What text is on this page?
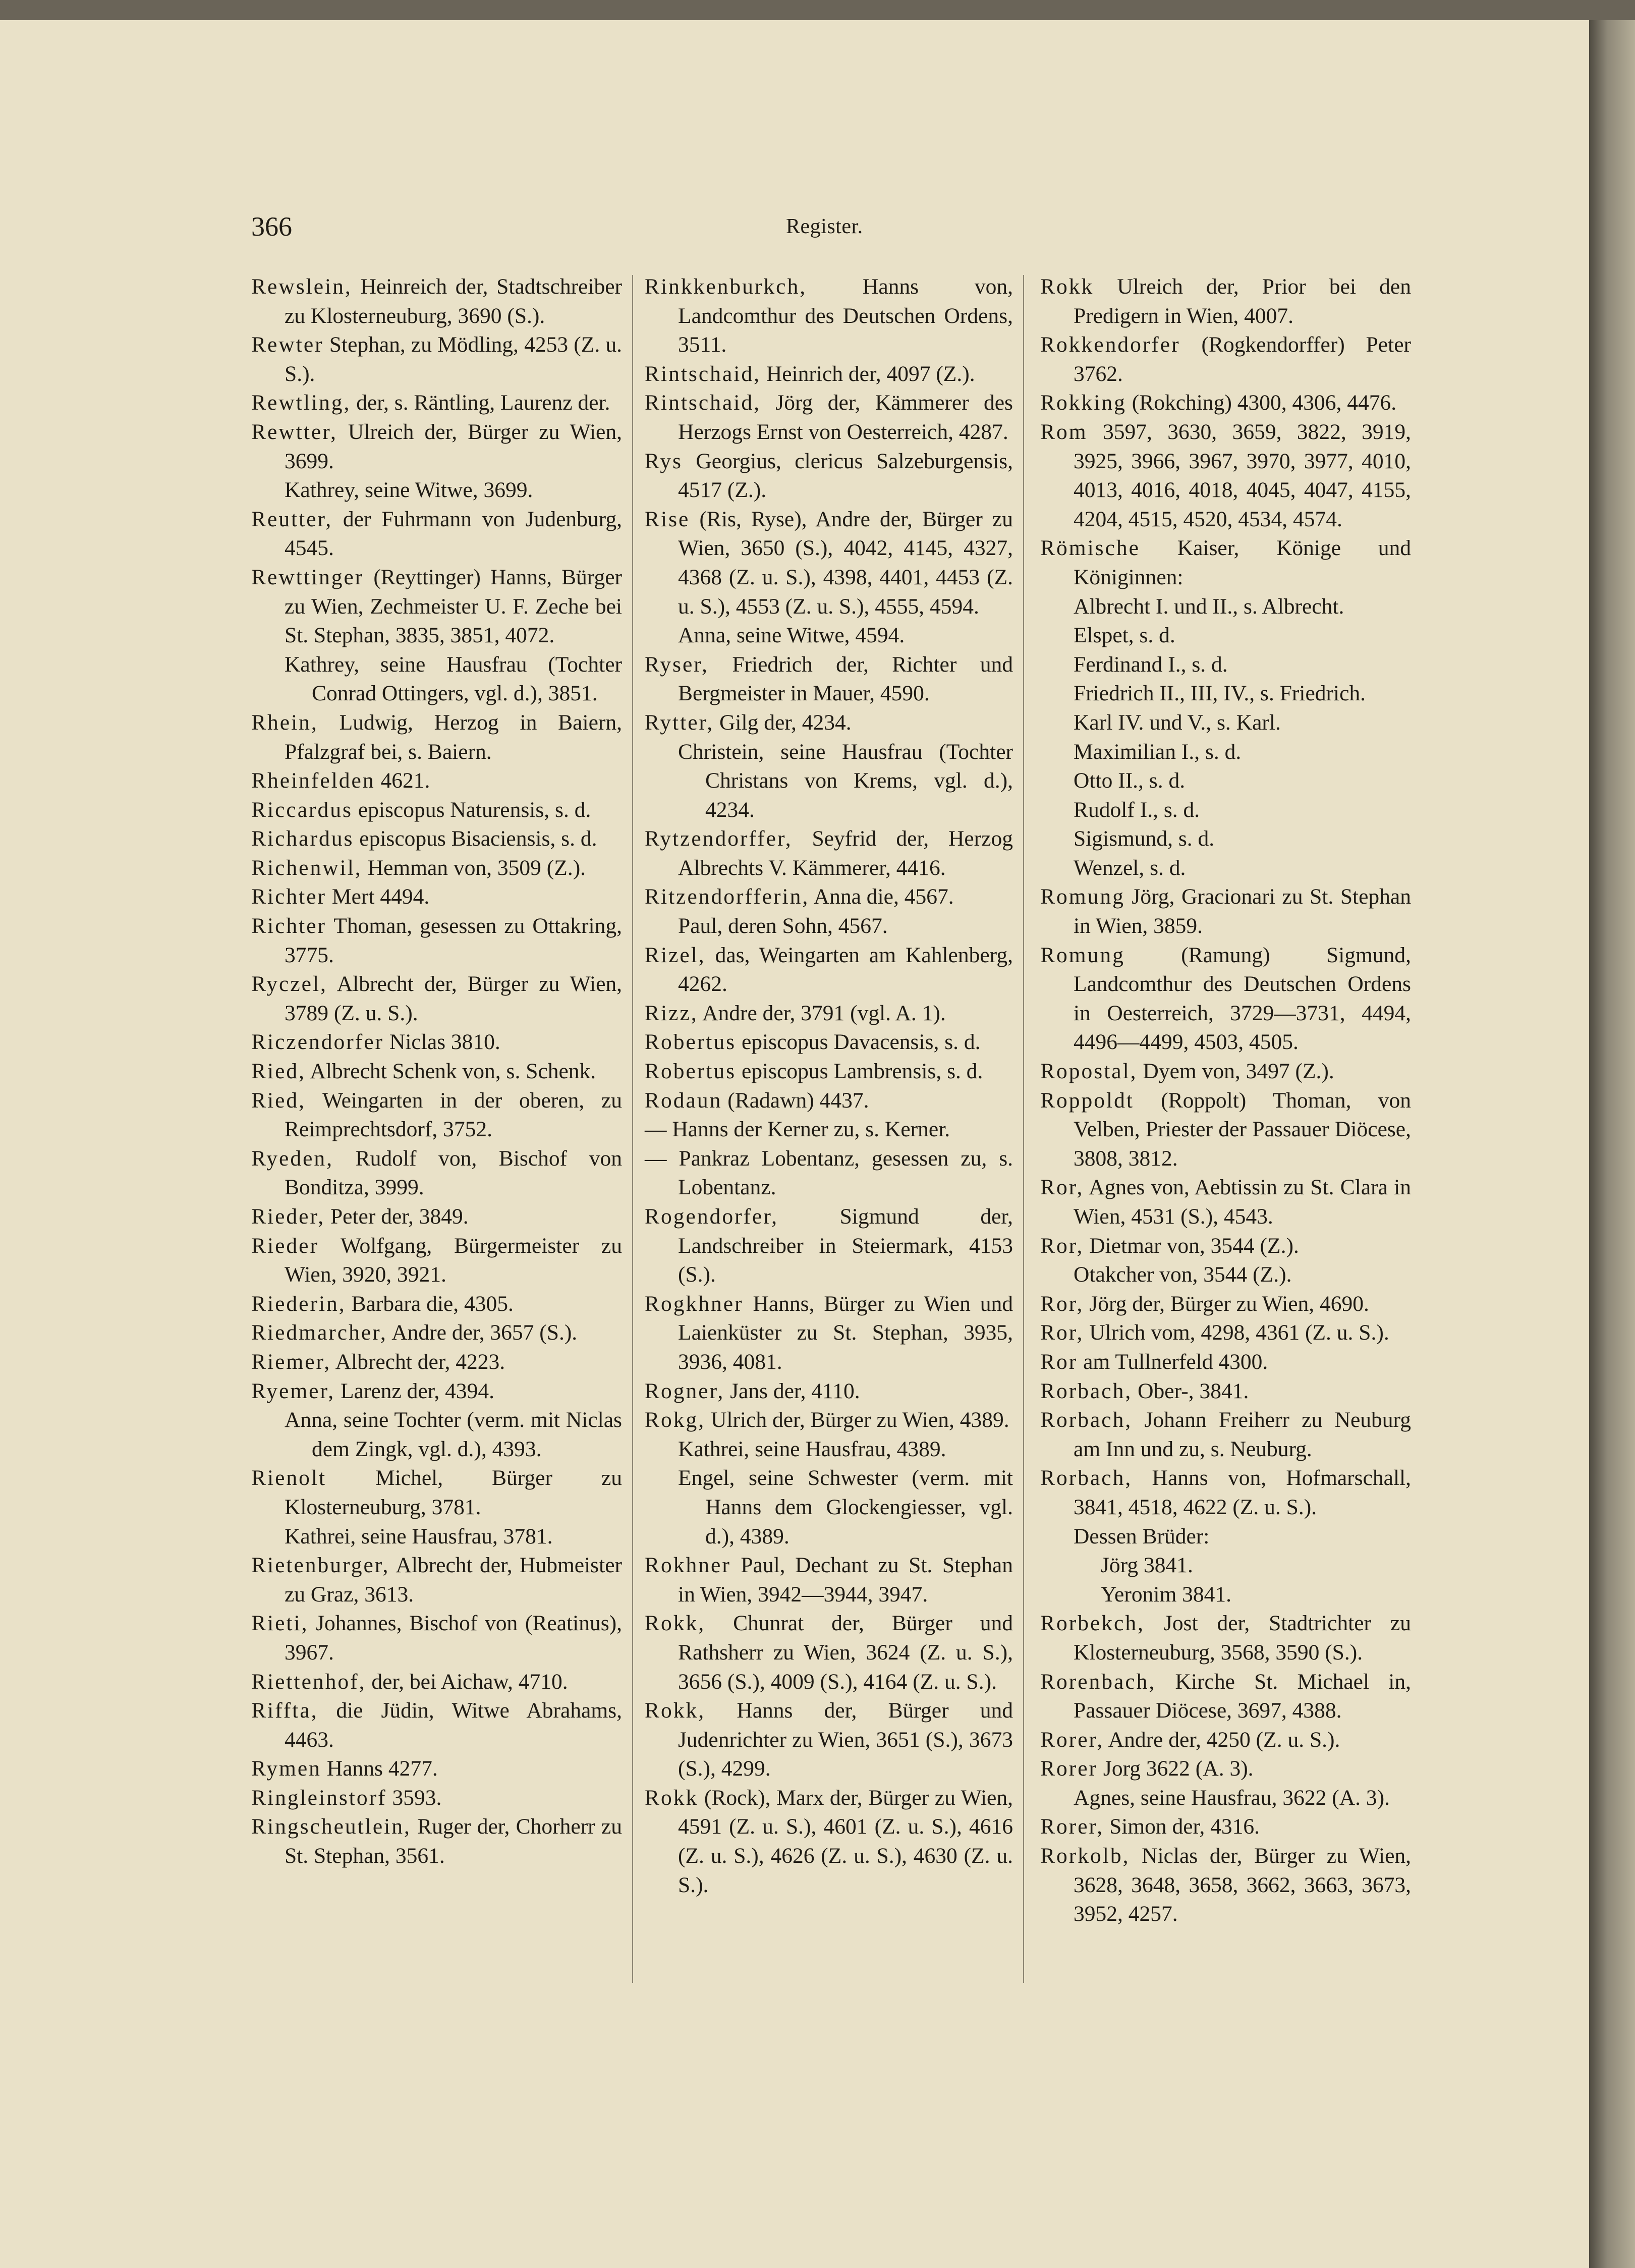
366	Register.
Rewslein, Heinreich der, Stadtschreiber zu Klosterneuburg, 3690 (S.).
Rewter Stephan, zu Mödling, 4253 (Z. u. S.).
Rewtling, der, s. Räntling, Laurenz der.
Rewtter, Ulreich der, Bürger zu Wien, 3699.
Kathrey, seine Witwe, 3699.
Reutter, der Fuhrmann von Judenburg, 4545.
Rewttinger (Reyttinger) Hanns, Bürger zu Wien, Zechmeister U. F. Zeche bei St. Stephan, 3835, 3851, 4072.
Kathrey, seine Hausfrau (Tochter Conrad Ottingers, vgl. d.), 3851.
Rhein, Ludwig, Herzog in Baiern, Pfalzgraf bei, s. Baiern.
Rheinfelden 4621.
Riccardus episcopus Naturensis, s. d.
Richardus episcopus Bisaciensis, s. d.
Richenwil, Hemman von, 3509 (Z.).
Richter Mert 4494.
Richter Thoman, gesessen zu Ottakring, 3775.
Ryczel, Albrecht der, Bürger zu Wien, 3789 (Z. u. S.).
Riczendorfer Niclas 3810.
Ried, Albrecht Schenk von, s. Schenk.
Ried, Weingarten in der oberen, zu Reimprechtsdorf, 3752.
Ryeden, Rudolf von, Bischof von Bonditza, 3999.
Rieder, Peter der, 3849.
Rieder Wolfgang, Bürgermeister zu Wien, 3920, 3921.
Riederin, Barbara die, 4305.
Riedmarcher, Andre der, 3657 (S.).
Riemer, Albrecht der, 4223.
Ryemer, Larenz der, 4394.
Anna, seine Tochter (verm. mit Niclas dem Zingk, vgl. d.), 4393.
Rienolt Michel, Bürger zu Klosterneuburg, 3781.
Kathrei, seine Hausfrau, 3781.
Rietenburger, Albrecht der, Hubmeister zu Graz, 3613.
Rieti, Johannes, Bischof von (Reatinus), 3967.
Riettenhof, der, bei Aichaw, 4710.
Riffta, die Jüdin, Witwe Abrahams, 4463.
Rymen Hanns 4277.
Ringleinstorf 3593.
Ringscheutlein, Ruger der, Chorherr zu St. Stephan, 3561.
Rinkkenburkch, Hanns von, Landcomthur des Deutschen Ordens, 3511.
Rintschaid, Heinrich der, 4097 (Z.).
Rintschaid, Jörg der, Kämmerer des Herzogs Ernst von Oesterreich, 4287.
Rys Georgius, clericus Salzeburgensis, 4517 (Z.).
Rise (Ris, Ryse), Andre der, Bürger zu Wien, 3650 (S.), 4042, 4145, 4327, 4368 (Z. u. S.), 4398, 4401, 4453 (Z. u. S.), 4553 (Z. u. S.), 4555, 4594.
Anna, seine Witwe, 4594.
Ryser, Friedrich der, Richter und Bergmeister in Mauer, 4590.
Rytter, Gilg der, 4234.
Christein, seine Hausfrau (Tochter Christans von Krems, vgl. d.), 4234.
Rytzendorffer, Seyfrid der, Herzog Albrechts V. Kämmerer, 4416.
Ritzendorfferin, Anna die, 4567.
Paul, deren Sohn, 4567.
Rizel, das, Weingarten am Kahlenberg, 4262.
Rizz, Andre der, 3791 (vgl. A. 1).
Robertus episcopus Davacensis, s. d.
Robertus episcopus Lambrensis, s. d.
Rodaun (Radawn) 4437.
— Hanns der Kerner zu, s. Kerner.
— Pankraz Lobentanz, gesessen zu, s. Lobentanz.
Rogendorfer, Sigmund der, Landschreiber in Steiermark, 4153 (S.).
Rogkhner Hanns, Bürger zu Wien und Laienküster zu St. Stephan, 3935, 3936, 4081.
Rogner, Jans der, 4110.
Rokg, Ulrich der, Bürger zu Wien, 4389.
Kathrei, seine Hausfrau, 4389.
Engel, seine Schwester (verm. mit Hanns dem Glockengiesser, vgl. d.), 4389.
Rokhner Paul, Dechant zu St. Stephan in Wien, 3942—3944, 3947.
Rokk, Chunrat der, Bürger und Rathsherr zu Wien, 3624 (Z. u. S.), 3656 (S.), 4009 (S.), 4164 (Z. u. S.).
Rokk, Hanns der, Bürger und Judenrichter zu Wien, 3651 (S.), 3673 (S.), 4299.
Rokk (Rock), Marx der, Bürger zu Wien, 4591 (Z. u. S.), 4601 (Z. u. S.), 4616 (Z. u. S.), 4626 (Z. u. S.), 4630 (Z. u. S.).
Rokk Ulreich der, Prior bei den Predigern in Wien, 4007.
Rokkendorfer (Rogkendorffer) Peter 3762.
Rokking (Rokching) 4300, 4306, 4476.
Rom 3597, 3630, 3659, 3822, 3919, 3925, 3966, 3967, 3970, 3977, 4010, 4013, 4016, 4018, 4045, 4047, 4155, 4204, 4515, 4520, 4534, 4574.
Römische Kaiser, Könige und Königinnen:
Albrecht I. und II., s. Albrecht.
Elspet, s. d.
Ferdinand I., s. d.
Friedrich II., III, IV., s. Friedrich.
Karl IV. und V., s. Karl.
Maximilian I., s. d.
Otto II., s. d.
Rudolf I., s. d.
Sigismund, s. d.
Wenzel, s. d.
Romung Jörg, Gracionari zu St. Stephan in Wien, 3859.
Romung (Ramung) Sigmund, Landcomthur des Deutschen Ordens in Oesterreich, 3729—3731, 4494, 4496—4499, 4503, 4505.
Ropostal, Dyem von, 3497 (Z.).
Roppoldt (Roppolt) Thoman, von Velben, Priester der Passauer Diöcese, 3808, 3812.
Ror, Agnes von, Aebtissin zu St. Clara in Wien, 4531 (S.), 4543.
Ror, Dietmar von, 3544 (Z.).
Otakcher von, 3544 (Z.).
Ror, Jörg der, Bürger zu Wien, 4690.
Ror, Ulrich vom, 4298, 4361 (Z. u. S.).
Ror am Tullnerfeld 4300.
Rorbach, Ober-, 3841.
Rorbach, Johann Freiherr zu Neuburg am Inn und zu, s. Neuburg.
Rorbach, Hanns von, Hofmarschall, 3841, 4518, 4622 (Z. u. S.).
Dessen Brüder:
Jörg 3841.
Yeronim 3841.
Rorbekch, Jost der, Stadtrichter zu Klosterneuburg, 3568, 3590 (S.).
Rorenbach, Kirche St. Michael in, Passauer Diöcese, 3697, 4388.
Rorer, Andre der, 4250 (Z. u. S.).
Rorer Jorg 3622 (A. 3).
Agnes, seine Hausfrau, 3622 (A. 3).
Rorer, Simon der, 4316.
Rorkolb, Niclas der, Bürger zu Wien, 3628, 3648, 3658, 3662, 3663, 3673, 3952, 4257.
